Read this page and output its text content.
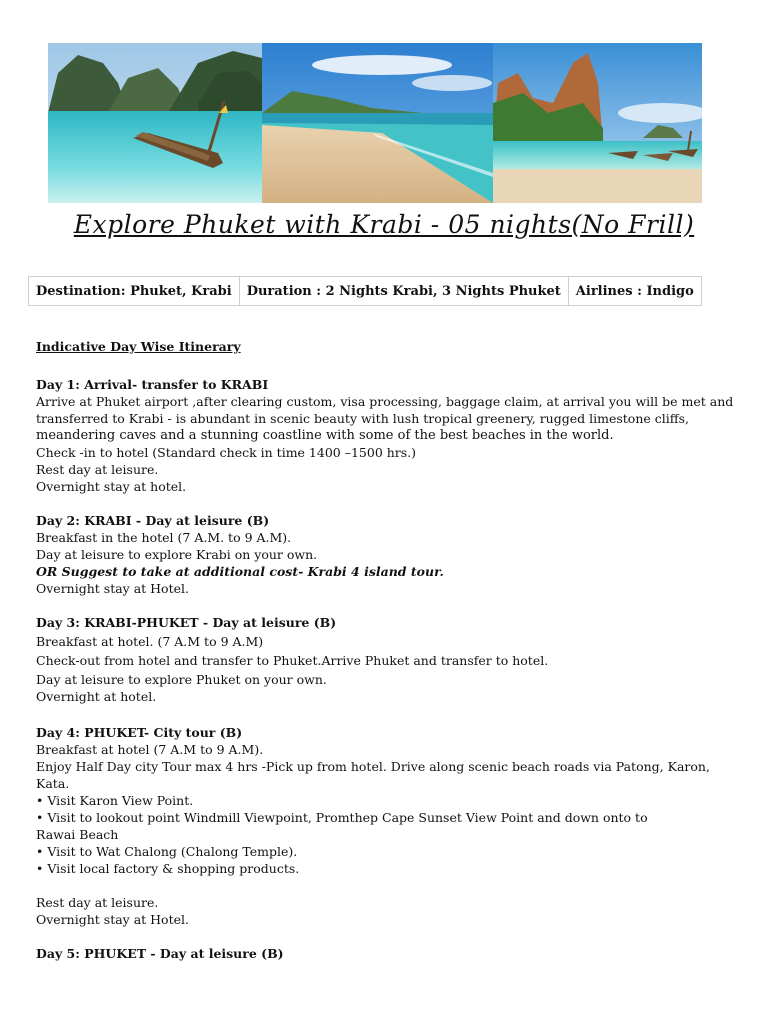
Explore Phuket with Krabi - 05 nights(No Frill)
Destination: Phuket, Krabi	Duration : 2 Nights Krabi, 3 Nights Phuket	Airlines : Indigo

Indicative Day Wise Itinerary

Day 1: Arrival- transfer to KRABI

Arrive at Phuket airport ,after clearing custom, visa processing, baggage claim, at arrival you will be met and

transferred to Krabi - is abundant in scenic beauty with lush tropical greenery, rugged limestone cliffs,

meandering caves and a stunning coastline with some of the best beaches in the world.

Check -in to hotel (Standard check in time 1400 –1500 hrs.)

Rest day at leisure.

Overnight stay at hotel.

Day 2: KRABI - Day at leisure (B)

Breakfast in the hotel (7 A.M. to 9 A.M).

Day at leisure to explore Krabi on your own.

OR Suggest to take at additional cost- Krabi 4 island tour.

Overnight stay at Hotel.

Day 3: KRABI-PHUKET - Day at leisure (B)

Breakfast at hotel. (7 A.M to 9 A.M)

Check-out from hotel and transfer to Phuket.Arrive Phuket and transfer to hotel.

Day at leisure to explore Phuket on your own.

Overnight at hotel.

Day 4: PHUKET- City tour (B)

Breakfast at hotel (7 A.M to 9 A.M).

Enjoy Half Day city Tour max 4 hrs -Pick up from hotel. Drive along scenic beach roads via Patong, Karon, Kata.

• Visit Karon View Point.

• Visit to lookout point Windmill Viewpoint, Promthep Cape Sunset View Point and down onto to

Rawai Beach

• Visit to Wat Chalong (Chalong Temple).

• Visit local factory & shopping products.

Rest day at leisure.

Overnight stay at Hotel.

Day 5: PHUKET - Day at leisure (B)
